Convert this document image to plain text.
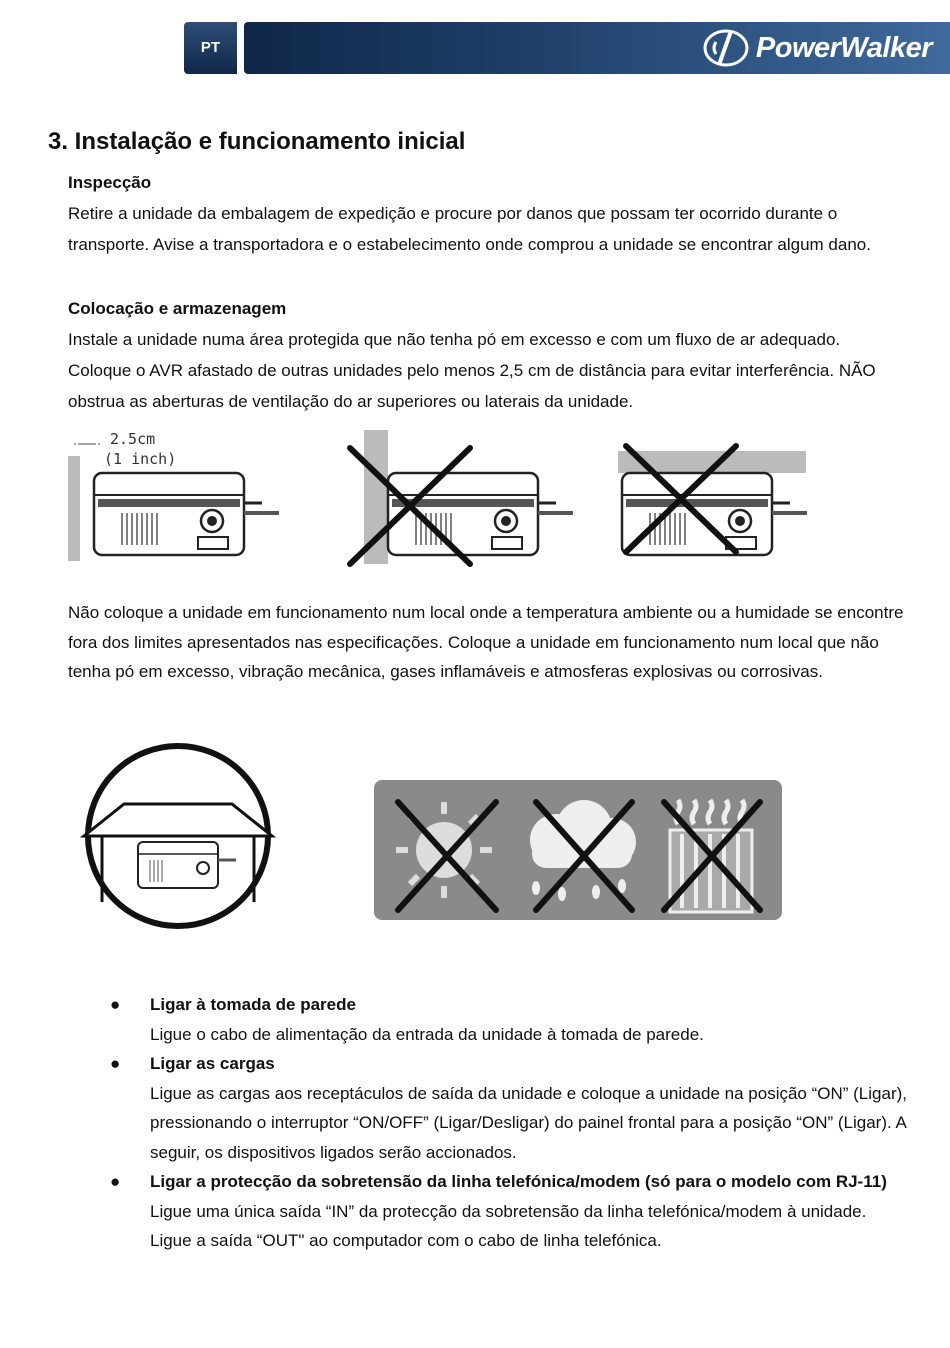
PT	PowerWalker
3. Instalação e funcionamento inicial

Inspecção

Retire a unidade da embalagem de expedição e procure por danos que possam ter ocorrido durante o transporte. Avise a transportadora e o estabelecimento onde comprou a unidade se encontrar algum dano.

Colocação e armazenagem

Instale a unidade numa área protegida que não tenha pó em excesso e com um fluxo de ar adequado. Coloque o AVR afastado de outras unidades pelo menos 2,5 cm de distância para evitar interferência. NÃO obstrua as aberturas de ventilação do ar superiores ou laterais da unidade.

2.5cm
(1 inch)

Não coloque a unidade em funcionamento num local onde a temperatura ambiente ou a humidade se encontre fora dos limites apresentados nas especificações. Coloque a unidade em funcionamento num local que não tenha pó em excesso, vibração mecânica, gases inflamáveis e atmosferas explosivas ou corrosivas.

● Ligar à tomada de parede

Ligue o cabo de alimentação da entrada da unidade à tomada de parede.

● Ligar as cargas

Ligue as cargas aos receptáculos de saída da unidade e coloque a unidade na posição “ON” (Ligar), pressionando o interruptor “ON/OFF” (Ligar/Desligar) do painel frontal para a posição “ON” (Ligar). A seguir, os dispositivos ligados serão accionados.

● Ligar a protecção da sobretensão da linha telefónica/modem (só para o modelo com RJ-11)

Ligue uma única saída “IN” da protecção da sobretensão da linha telefónica/modem à unidade. Ligue a saída “OUT" ao computador com o cabo de linha telefónica.
